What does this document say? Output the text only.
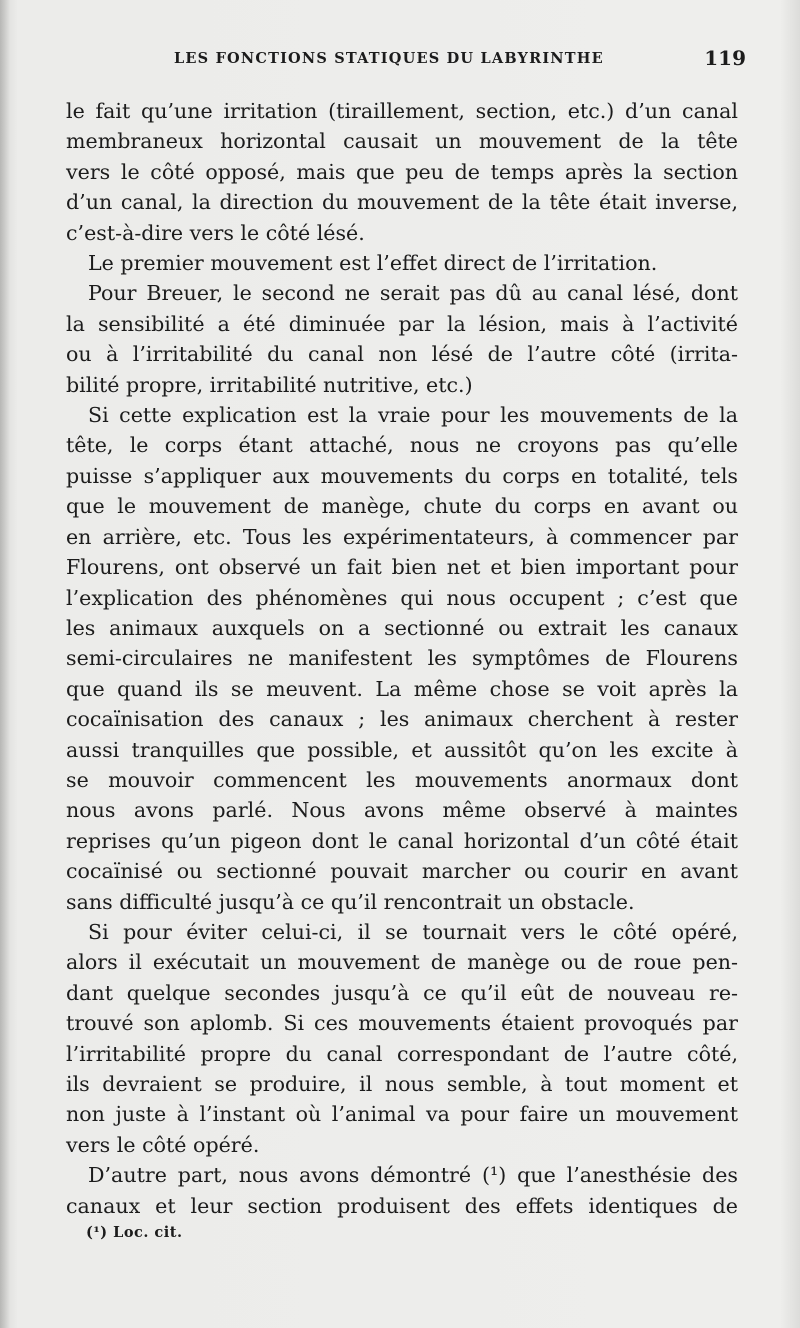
LES FONCTIONS STATIQUES DU LABYRINTHE	119
le fait qu’une irritation (tiraillement, section, etc.) d’un canal
membraneux horizontal causait un mouvement de la tête
vers le côté opposé, mais que peu de temps après la section
d’un canal, la direction du mouvement de la tête était inverse,
c’est-à-dire vers le côté lésé.
Le premier mouvement est l’effet direct de l’irritation.
Pour Breuer, le second ne serait pas dû au canal lésé, dont
la sensibilité a été diminuée par la lésion, mais à l’activité
ou à l’irritabilité du canal non lésé de l’autre côté (irrita-
bilité propre, irritabilité nutritive, etc.)
Si cette explication est la vraie pour les mouvements de la
tête, le corps étant attaché, nous ne croyons pas qu’elle
puisse s’appliquer aux mouvements du corps en totalité, tels
que le mouvement de manège, chute du corps en avant ou
en arrière, etc. Tous les expérimentateurs, à commencer par
Flourens, ont observé un fait bien net et bien important pour
l’explication des phénomènes qui nous occupent ; c’est que
les animaux auxquels on a sectionné ou extrait les canaux
semi-circulaires ne manifestent les symptômes de Flourens
que quand ils se meuvent. La même chose se voit après la
cocaïnisation des canaux ; les animaux cherchent à rester
aussi tranquilles que possible, et aussitôt qu’on les excite à
se mouvoir commencent les mouvements anormaux dont
nous avons parlé. Nous avons même observé à maintes
reprises qu’un pigeon dont le canal horizontal d’un côté était
cocaïnisé ou sectionné pouvait marcher ou courir en avant
sans difficulté jusqu’à ce qu’il rencontrait un obstacle.
Si pour éviter celui-ci, il se tournait vers le côté opéré,
alors il exécutait un mouvement de manège ou de roue pen-
dant quelque secondes jusqu’à ce qu’il eût de nouveau re-
trouvé son aplomb. Si ces mouvements étaient provoqués par
l’irritabilité propre du canal correspondant de l’autre côté,
ils devraient se produire, il nous semble, à tout moment et
non juste à l’instant où l’animal va pour faire un mouvement
vers le côté opéré.
D’autre part, nous avons démontré (¹) que l’anesthésie des
canaux et leur section produisent des effets identiques de
(¹) Loc. cit.
